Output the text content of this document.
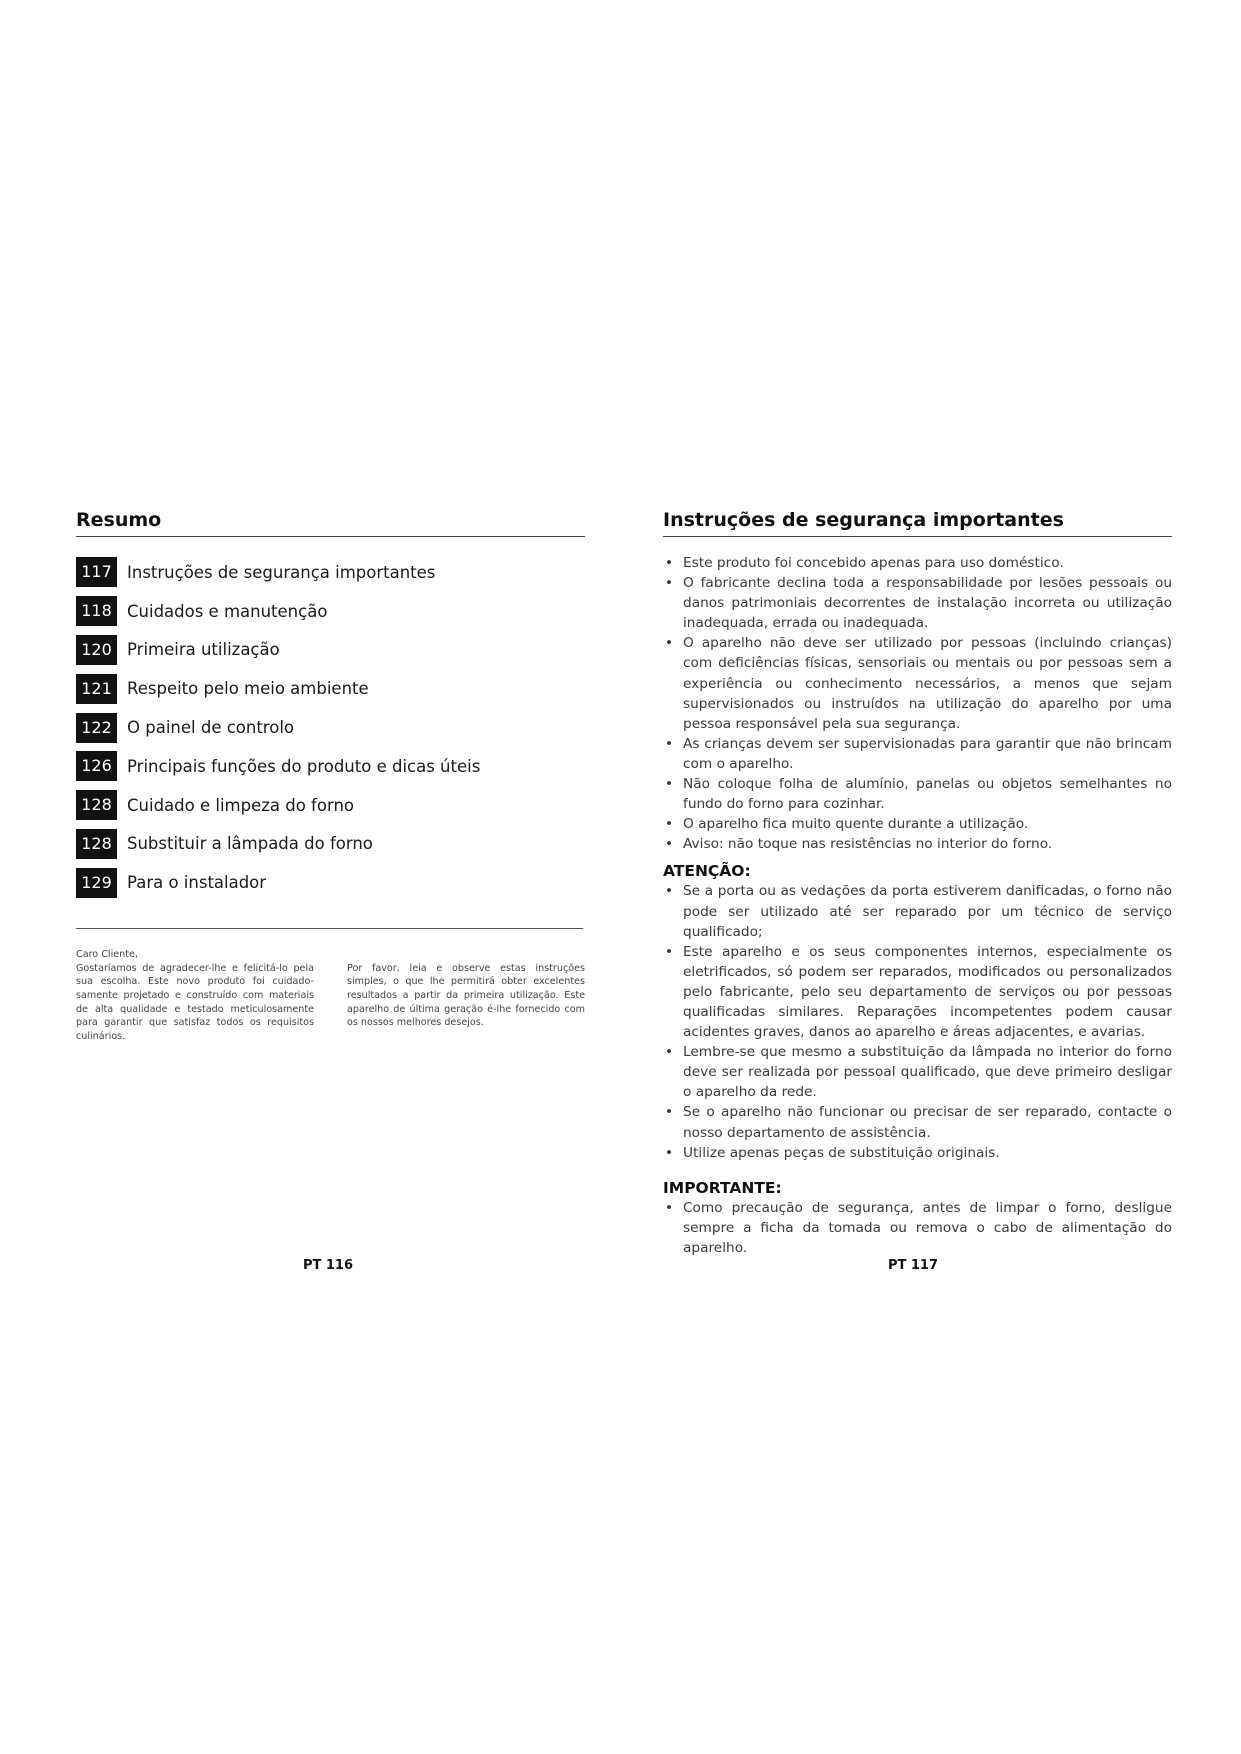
Resumo
117 Instruções de segurança importantes
118 Cuidados e manutenção
120 Primeira utilização
121 Respeito pelo meio ambiente
122 O painel de controlo
126 Principais funções do produto e dicas úteis
128 Cuidado e limpeza do forno
128 Substituir a lâmpada do forno
129 Para o instalador

Caro Cliente,

Gostaríamos de agradecer-lhe e felicitá-lo pela sua escolha. Este novo produto foi cuidado-samente projetado e construído com materiais de alta qualidade e testado meticulosamente para garantir que satisfaz todos os requisitos culinários.

Por favor, leia e observe estas instruções simples, o que lhe permitirá obter excelentes resultados a partir da primeira utilização. Este aparelho de última geração é-lhe fornecido com os nossos melhores desejos.

Instruções de segurança importantes
• Este produto foi concebido apenas para uso doméstico.
• O fabricante declina toda a responsabilidade por lesões pessoais ou danos patrimoniais decorrentes de instalação incorreta ou utilização inadequada, errada ou inadequada.
• O aparelho não deve ser utilizado por pessoas (incluindo crianças) com deficiências físicas, sensoriais ou mentais ou por pessoas sem a experiência ou conhecimento necessários, a menos que sejam supervisionados ou instruídos na utilização do aparelho por uma pessoa responsável pela sua segurança.
• As crianças devem ser supervisionadas para garantir que não brincam com o aparelho.
• Não coloque folha de alumínio, panelas ou objetos semelhantes no fundo do forno para cozinhar.
• O aparelho fica muito quente durante a utilização.
• Aviso: não toque nas resistências no interior do forno.
ATENÇÃO:
• Se a porta ou as vedações da porta estiverem danificadas, o forno não pode ser utilizado até ser reparado por um técnico de serviço qualificado;
• Este aparelho e os seus componentes internos, especialmente os eletrificados, só podem ser reparados, modificados ou personalizados pelo fabricante, pelo seu departamento de serviços ou por pessoas qualificadas similares. Reparações incompetentes podem causar acidentes graves, danos ao aparelho e áreas adjacentes, e avarias.
• Lembre-se que mesmo a substituição da lâmpada no interior do forno deve ser realizada por pessoal qualificado, que deve primeiro desligar o aparelho da rede.
• Se o aparelho não funcionar ou precisar de ser reparado, contacte o nosso departamento de assistência.
• Utilize apenas peças de substituição originais.
IMPORTANTE:
• Como precaução de segurança, antes de limpar o forno, desligue sempre a ficha da tomada ou remova o cabo de alimentação do aparelho.
PT 116	PT 117
